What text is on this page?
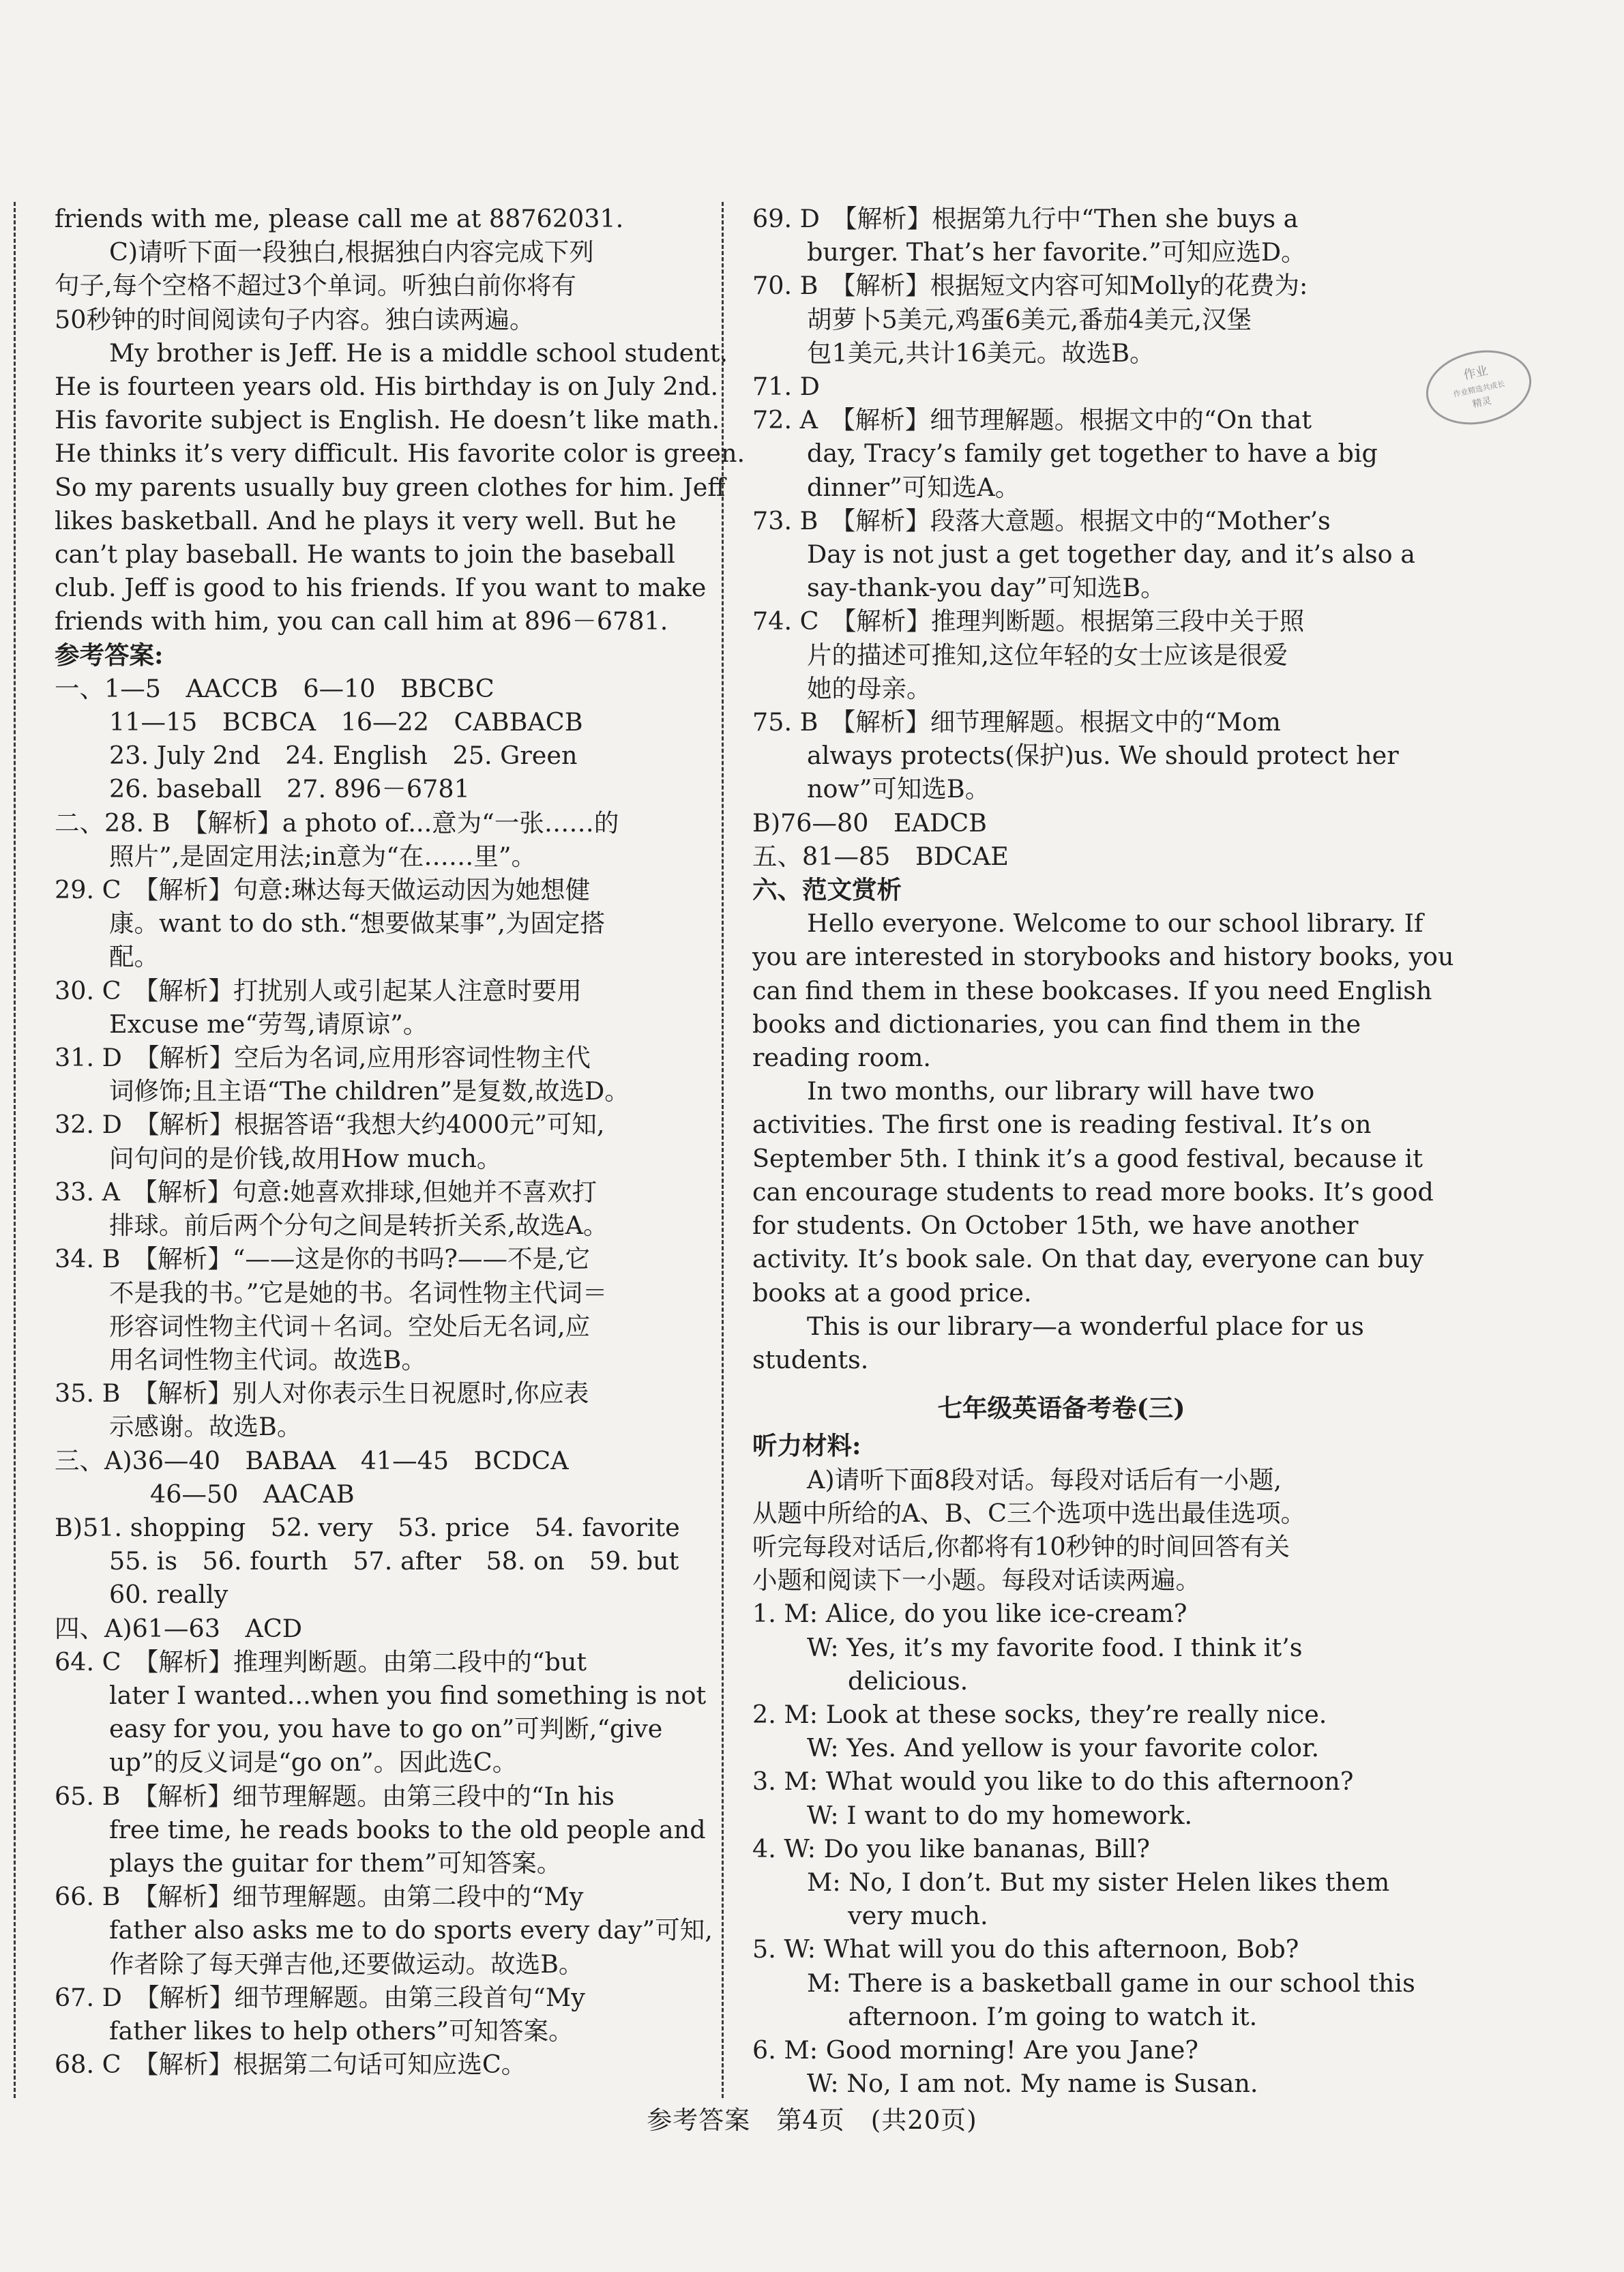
friends with me, please call me at 88762031.

C)请听下面一段独白,根据独白内容完成下列

句子,每个空格不超过3个单词。听独白前你将有

50秒钟的时间阅读句子内容。独白读两遍。

My brother is Jeff. He is a middle school student.

He is fourteen years old. His birthday is on July 2nd.

His favorite subject is English. He doesn’t like math.

He thinks it’s very difficult. His favorite color is green.

So my parents usually buy green clothes for him. Jeff

likes basketball. And he plays it very well. But he

can’t play baseball. He wants to join the baseball

club. Jeff is good to his friends. If you want to make

friends with him, you can call him at 896－6781.

参考答案:

一、1—5　AACCB　6—10　BBCBC

11—15　BCBCA　16—22　CABBACB

23. July 2nd　24. English　25. Green

26. baseball　27. 896－6781

二、28. B　【解析】a photo of...意为“一张……的

照片”,是固定用法;in意为“在……里”。

29. C　【解析】句意:琳达每天做运动因为她想健

康。want to do sth.“想要做某事”,为固定搭

配。

30. C　【解析】打扰别人或引起某人注意时要用

Excuse me“劳驾,请原谅”。

31. D　【解析】空后为名词,应用形容词性物主代

词修饰;且主语“The children”是复数,故选D。

32. D　【解析】根据答语“我想大约4000元”可知,

问句问的是价钱,故用How much。

33. A　【解析】句意:她喜欢排球,但她并不喜欢打

排球。前后两个分句之间是转折关系,故选A。

34. B　【解析】“——这是你的书吗?——不是,它

不是我的书。”它是她的书。名词性物主代词＝

形容词性物主代词＋名词。空处后无名词,应

用名词性物主代词。故选B。

35. B　【解析】别人对你表示生日祝愿时,你应表

示感谢。故选B。

三、A)36—40　BABAA　41—45　BCDCA

46—50　AACAB

B)51. shopping　52. very　53. price　54. favorite

55. is　56. fourth　57. after　58. on　59. but

60. really

四、A)61—63　ACD

64. C　【解析】推理判断题。由第二段中的“but

later I wanted...when you find something is not

easy for you, you have to go on”可判断,“give

up”的反义词是“go on”。因此选C。

65. B　【解析】细节理解题。由第三段中的“In his

free time, he reads books to the old people and

plays the guitar for them”可知答案。

66. B　【解析】细节理解题。由第二段中的“My

father also asks me to do sports every day”可知,

作者除了每天弹吉他,还要做运动。故选B。

67. D　【解析】细节理解题。由第三段首句“My

father likes to help others”可知答案。

68. C　【解析】根据第二句话可知应选C。

69. D　【解析】根据第九行中“Then she buys a

burger. That’s her favorite.”可知应选D。

70. B　【解析】根据短文内容可知Molly的花费为:

胡萝卜5美元,鸡蛋6美元,番茄4美元,汉堡

包1美元,共计16美元。故选B。

71. D

72. A　【解析】细节理解题。根据文中的“On that

day, Tracy’s family get together to have a big

dinner”可知选A。

73. B　【解析】段落大意题。根据文中的“Mother’s

Day is not just a get together day, and it’s also a

say-thank-you day”可知选B。

74. C　【解析】推理判断题。根据第三段中关于照

片的描述可推知,这位年轻的女士应该是很爱

她的母亲。

75. B　【解析】细节理解题。根据文中的“Mom

always protects(保护)us. We should protect her

now”可知选B。

B)76—80　EADCB

五、81—85　BDCAE

六、范文赏析

Hello everyone. Welcome to our school library. If

you are interested in storybooks and history books, you

can find them in these bookcases. If you need English

books and dictionaries, you can find them in the

reading room.

In two months, our library will have two

activities. The first one is reading festival. It’s on

September 5th. I think it’s a good festival, because it

can encourage students to read more books. It’s good

for students. On October 15th, we have another

activity. It’s book sale. On that day, everyone can buy

books at a good price.

This is our library—a wonderful place for us

students.

七年级英语备考卷(三)

听力材料:

A)请听下面8段对话。每段对话后有一小题,

从题中所给的A、B、C三个选项中选出最佳选项。

听完每段对话后,你都将有10秒钟的时间回答有关

小题和阅读下一小题。每段对话读两遍。

1. M: Alice, do you like ice-cream?

W: Yes, it’s my favorite food. I think it’s

delicious.

2. M: Look at these socks, they’re really nice.

W: Yes. And yellow is your favorite color.

3. M: What would you like to do this afternoon?

W: I want to do my homework.

4. W: Do you like bananas, Bill?

M: No, I don’t. But my sister Helen likes them

very much.

5. W: What will you do this afternoon, Bob?

M: There is a basketball game in our school this

afternoon. I’m going to watch it.

6. M: Good morning! Are you Jane?

W: No, I am not. My name is Susan.

作业
作业精选共成长
精灵
参考答案　第4页　(共20页)
